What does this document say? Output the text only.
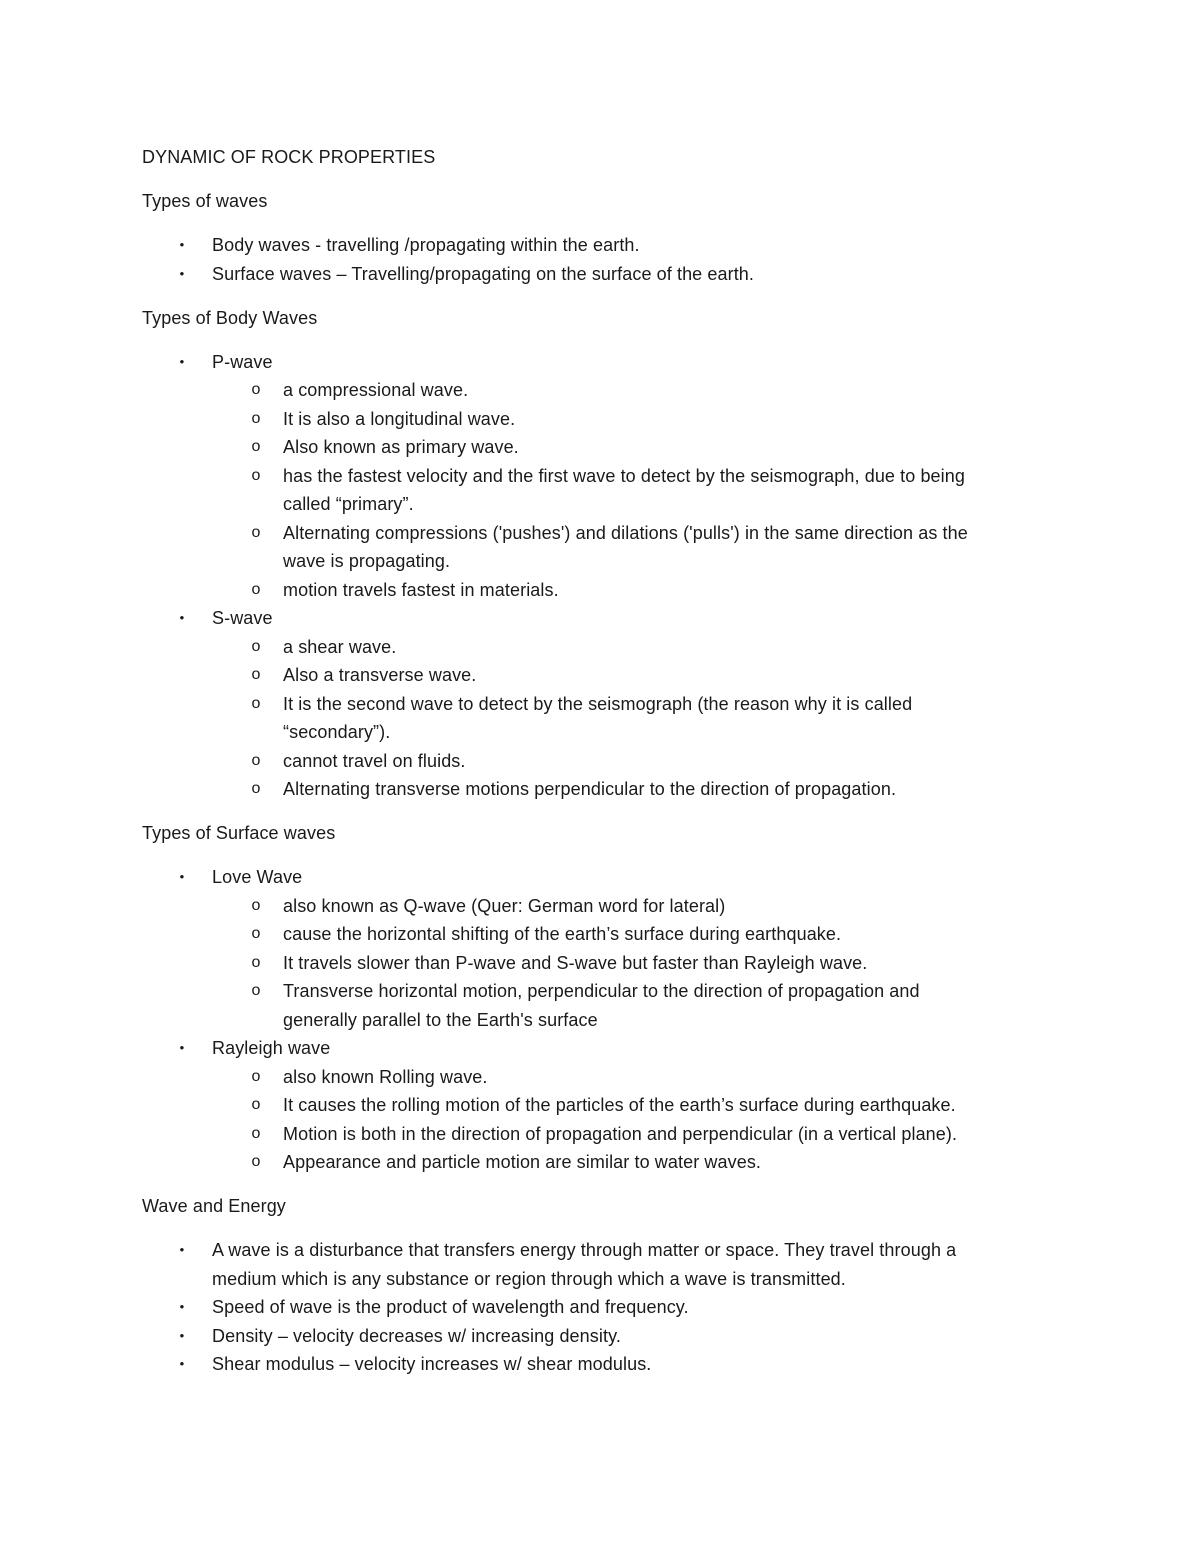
DYNAMIC OF ROCK PROPERTIES

Types of waves

• Body waves - travelling /propagating within the earth.
• Surface waves – Travelling/propagating on the surface of the earth.

Types of Body Waves

• P-wave
o a compressional wave.
o It is also a longitudinal wave.
o Also known as primary wave.
o has the fastest velocity and the first wave to detect by the seismograph, due to being
called “primary”.
o Alternating compressions ('pushes') and dilations ('pulls') in the same direction as the
wave is propagating.
o motion travels fastest in materials.
• S-wave
o a shear wave.
o Also a transverse wave.
o It is the second wave to detect by the seismograph (the reason why it is called
“secondary”).
o cannot travel on fluids.
o Alternating transverse motions perpendicular to the direction of propagation.

Types of Surface waves

• Love Wave
o also known as Q-wave (Quer: German word for lateral)
o cause the horizontal shifting of the earth’s surface during earthquake.
o It travels slower than P-wave and S-wave but faster than Rayleigh wave.
o Transverse horizontal motion, perpendicular to the direction of propagation and
generally parallel to the Earth's surface
• Rayleigh wave
o also known Rolling wave.
o It causes the rolling motion of the particles of the earth’s surface during earthquake.
o Motion is both in the direction of propagation and perpendicular (in a vertical plane).
o Appearance and particle motion are similar to water waves.

Wave and Energy

• A wave is a disturbance that transfers energy through matter or space. They travel through a
medium which is any substance or region through which a wave is transmitted.
• Speed of wave is the product of wavelength and frequency.
• Density – velocity decreases w/ increasing density.
• Shear modulus – velocity increases w/ shear modulus.
